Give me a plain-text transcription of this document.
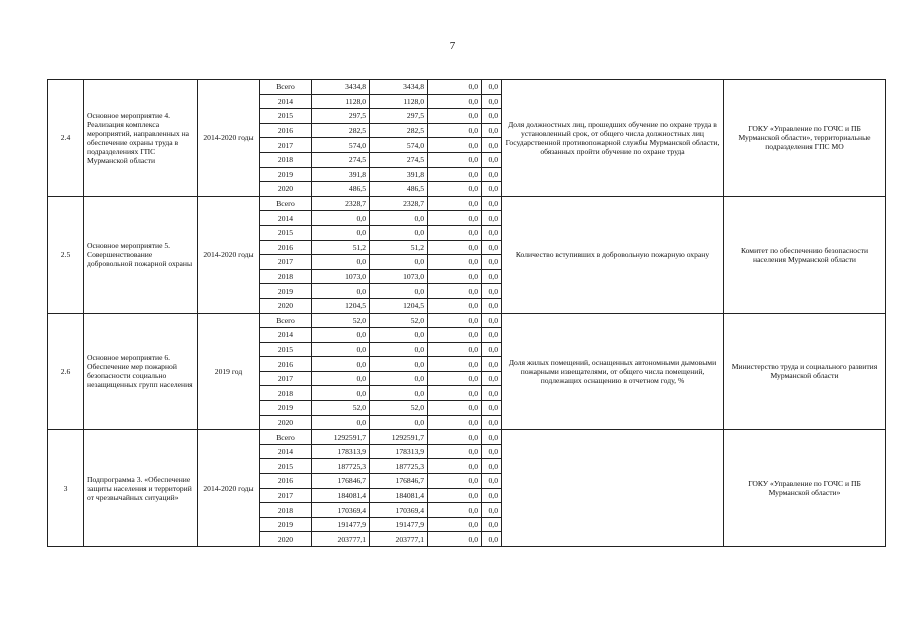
7
2.4	Основное мероприятие 4. Реализация комплекса мероприятий, направленных на обеспечение охраны труда в подразделениях ГПС Мурманской области	2014-2020 годы	Всего	3434,8	3434,8	0,0	0,0	Доля должностных лиц, прошедших обучение по охране труда в установленный срок, от общего числа должностных лиц Государственной противопожарной службы Мурманской области, обязанных пройти обучение по охране труда	ГОКУ «Управление по ГОЧС и ПБ Мурманской области», территориальные подразделения ГПС МО
			2014	1128,0	1128,0	0,0	0,0		
			2015	297,5	297,5	0,0	0,0		
			2016	282,5	282,5	0,0	0,0		
			2017	574,0	574,0	0,0	0,0		
			2018	274,5	274,5	0,0	0,0		
			2019	391,8	391,8	0,0	0,0		
			2020	486,5	486,5	0,0	0,0		
2.5	Основное мероприятие 5. Совершенствование добровольной пожарной охраны	2014-2020 годы	Всего	2328,7	2328,7	0,0	0,0	Количество вступивших в добровольную пожарную охрану	Комитет по обеспечению безопасности населения Мурманской области
			2014	0,0	0,0	0,0	0,0		
			2015	0,0	0,0	0,0	0,0		
			2016	51,2	51,2	0,0	0,0		
			2017	0,0	0,0	0,0	0,0		
			2018	1073,0	1073,0	0,0	0,0		
			2019	0,0	0,0	0,0	0,0		
			2020	1204,5	1204,5	0,0	0,0		
2.6	Основное мероприятие 6. Обеспечение мер пожарной безопасности социально незащищенных групп населения	2019 год	Всего	52,0	52,0	0,0	0,0	Доля жилых помещений, оснащенных автономными дымовыми пожарными извещателями, от общего числа помещений, подлежащих оснащению в отчетном году, %	Министерство труда и социального развития Мурманской области
			2014	0,0	0,0	0,0	0,0		
			2015	0,0	0,0	0,0	0,0		
			2016	0,0	0,0	0,0	0,0		
			2017	0,0	0,0	0,0	0,0		
			2018	0,0	0,0	0,0	0,0		
			2019	52,0	52,0	0,0	0,0		
			2020	0,0	0,0	0,0	0,0		
3	Подпрограмма 3. «Обеспечение защиты населения и территорий от чрезвычайных ситуаций»	2014-2020 годы	Всего	1292591,7	1292591,7	0,0	0,0		ГОКУ «Управление по ГОЧС и ПБ Мурманской области»
			2014	178313,9	178313,9	0,0	0,0		
			2015	187725,3	187725,3	0,0	0,0		
			2016	176846,7	176846,7	0,0	0,0		
			2017	184081,4	184081,4	0,0	0,0		
			2018	170369,4	170369,4	0,0	0,0		
			2019	191477,9	191477,9	0,0	0,0		
			2020	203777,1	203777,1	0,0	0,0		
